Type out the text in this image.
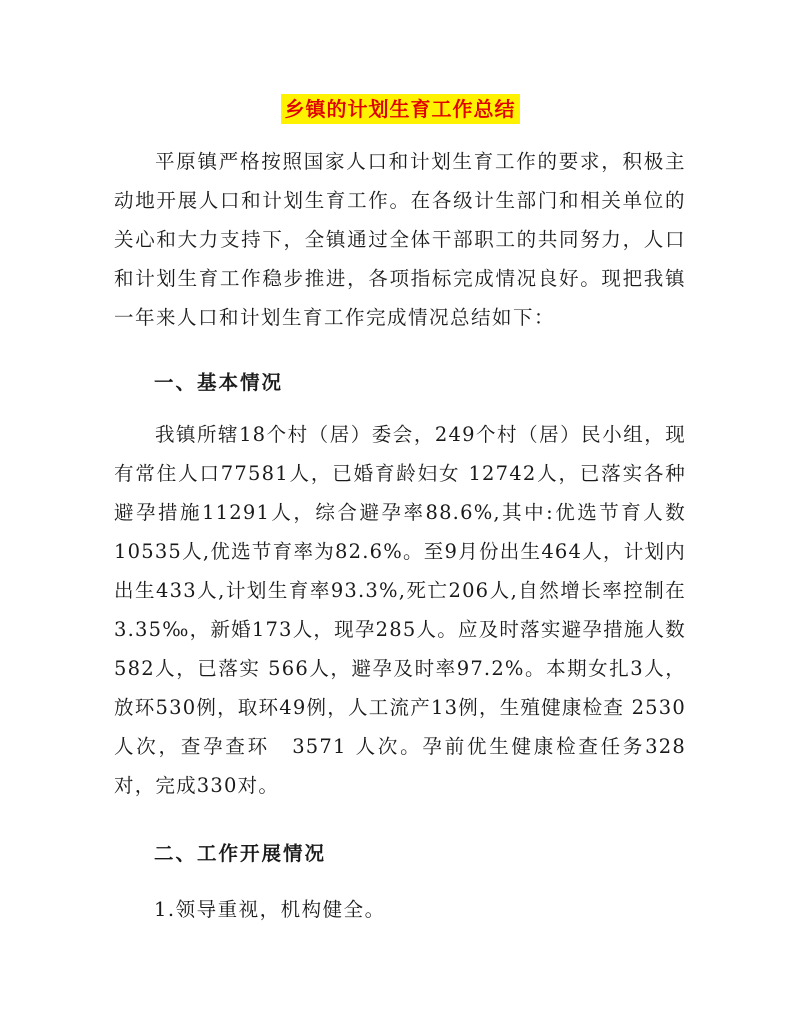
乡镇的计划生育工作总结

平原镇严格按照国家人口和计划生育工作的要求，积极主动地开展人口和计划生育工作。在各级计生部门和相关单位的关心和大力支持下，全镇通过全体干部职工的共同努力，人口和计划生育工作稳步推进，各项指标完成情况良好。现把我镇一年来人口和计划生育工作完成情况总结如下：

一、基本情况

我镇所辖18个村（居）委会，249个村（居）民小组，现有常住人口77581人，已婚育龄妇女 12742人，已落实各种避孕措施11291人，综合避孕率88.6%,其中:优选节育人数10535人,优选节育率为82.6%。至9月份出生464人，计划内出生433人,计划生育率93.3%,死亡206人,自然增长率控制在3.35‰，新婚173人，现孕285人。应及时落实避孕措施人数 582人，已落实 566人，避孕及时率97.2%。本期女扎3人，放环530例，取环49例，人工流产13例，生殖健康检查 2530　人次，查孕查环　3571 人次。孕前优生健康检查任务328对，完成330对。

二、工作开展情况

1.领导重视，机构健全。
